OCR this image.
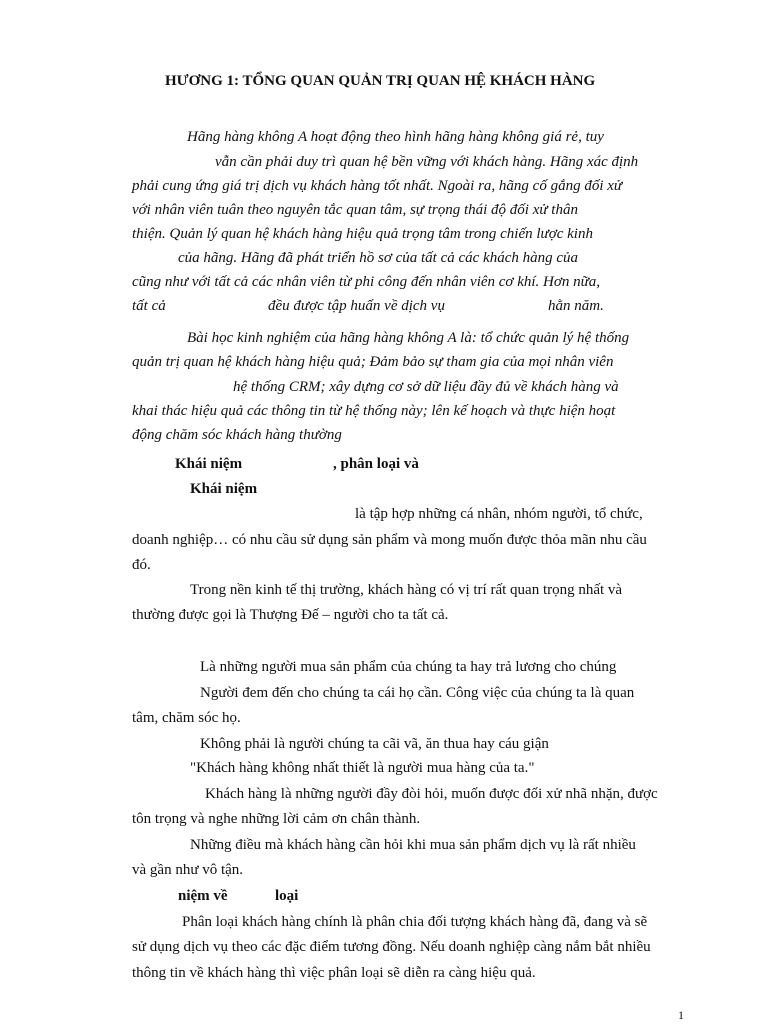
HƯƠNG 1: TỔNG QUAN QUẢN TRỊ QUAN HỆ KHÁCH HÀNG
Hãng hàng không A hoạt động theo hình hãng hàng không giá rẻ, tuy
vẫn cần phải duy trì quan hệ bền vững với khách hàng. Hãng xác định
phải cung ứng giá trị dịch vụ khách hàng tốt nhất. Ngoài ra, hãng cố gắng đối xử
với nhân viên tuân theo nguyên tắc quan tâm, sự trọng thái độ đối xử thân
thiện. Quản lý quan hệ khách hàng hiệu quả trọng tâm trong chiến lược kinh
của hãng. Hãng đã phát triển hồ sơ của tất cả các khách hàng của
cũng như với tất cả các nhân viên từ phi công đến nhân viên cơ khí. Hơn nữa,
tất cả	đều được tập huấn về dịch vụ	hằn năm.
Bài học kinh nghiệm của hãng hàng không A là: tổ chức quản lý hệ thống
quản trị quan hệ khách hàng hiệu quả; Đảm bảo sự tham gia của mọi nhân viên
hệ thống CRM; xây dựng cơ sở dữ liệu đầy đủ về khách hàng và
khai thác hiệu quả các thông tin từ hệ thống này; lên kế hoạch và thực hiện hoạt
động chăm sóc khách hàng thường
Khái niệm	, phân loại và
Khái niệm
là tập hợp những cá nhân, nhóm người, tổ chức,
doanh nghiệp… có nhu cầu sử dụng sản phẩm và mong muốn được thỏa mãn nhu cầu
đó.
Trong nền kinh tế thị trường, khách hàng có vị trí rất quan trọng nhất và
thường được gọi là Thượng Đế – người cho ta tất cả.
Là những người mua sản phẩm của chúng ta hay trả lương cho chúng
Người đem đến cho chúng ta cái họ cần. Công việc của chúng ta là quan
tâm, chăm sóc họ.
Không phải là người chúng ta cãi vã, ăn thua hay cáu giận
"Khách hàng không nhất thiết là người mua hàng của ta."
Khách hàng là những người đầy đòi hỏi, muốn được đối xử nhã nhặn, được
tôn trọng và nghe những lời cảm ơn chân thành.
Những điều mà khách hàng cần hỏi khi mua sản phẩm dịch vụ là rất nhiều
và gần như vô tận.
niệm về	loại
Phân loại khách hàng chính là phân chia đối tượng khách hàng đã, đang và sẽ
sử dụng dịch vụ theo các đặc điểm tương đồng. Nếu doanh nghiệp càng nắm bắt nhiều
thông tin về khách hàng thì việc phân loại sẽ diễn ra càng hiệu quả.
1
